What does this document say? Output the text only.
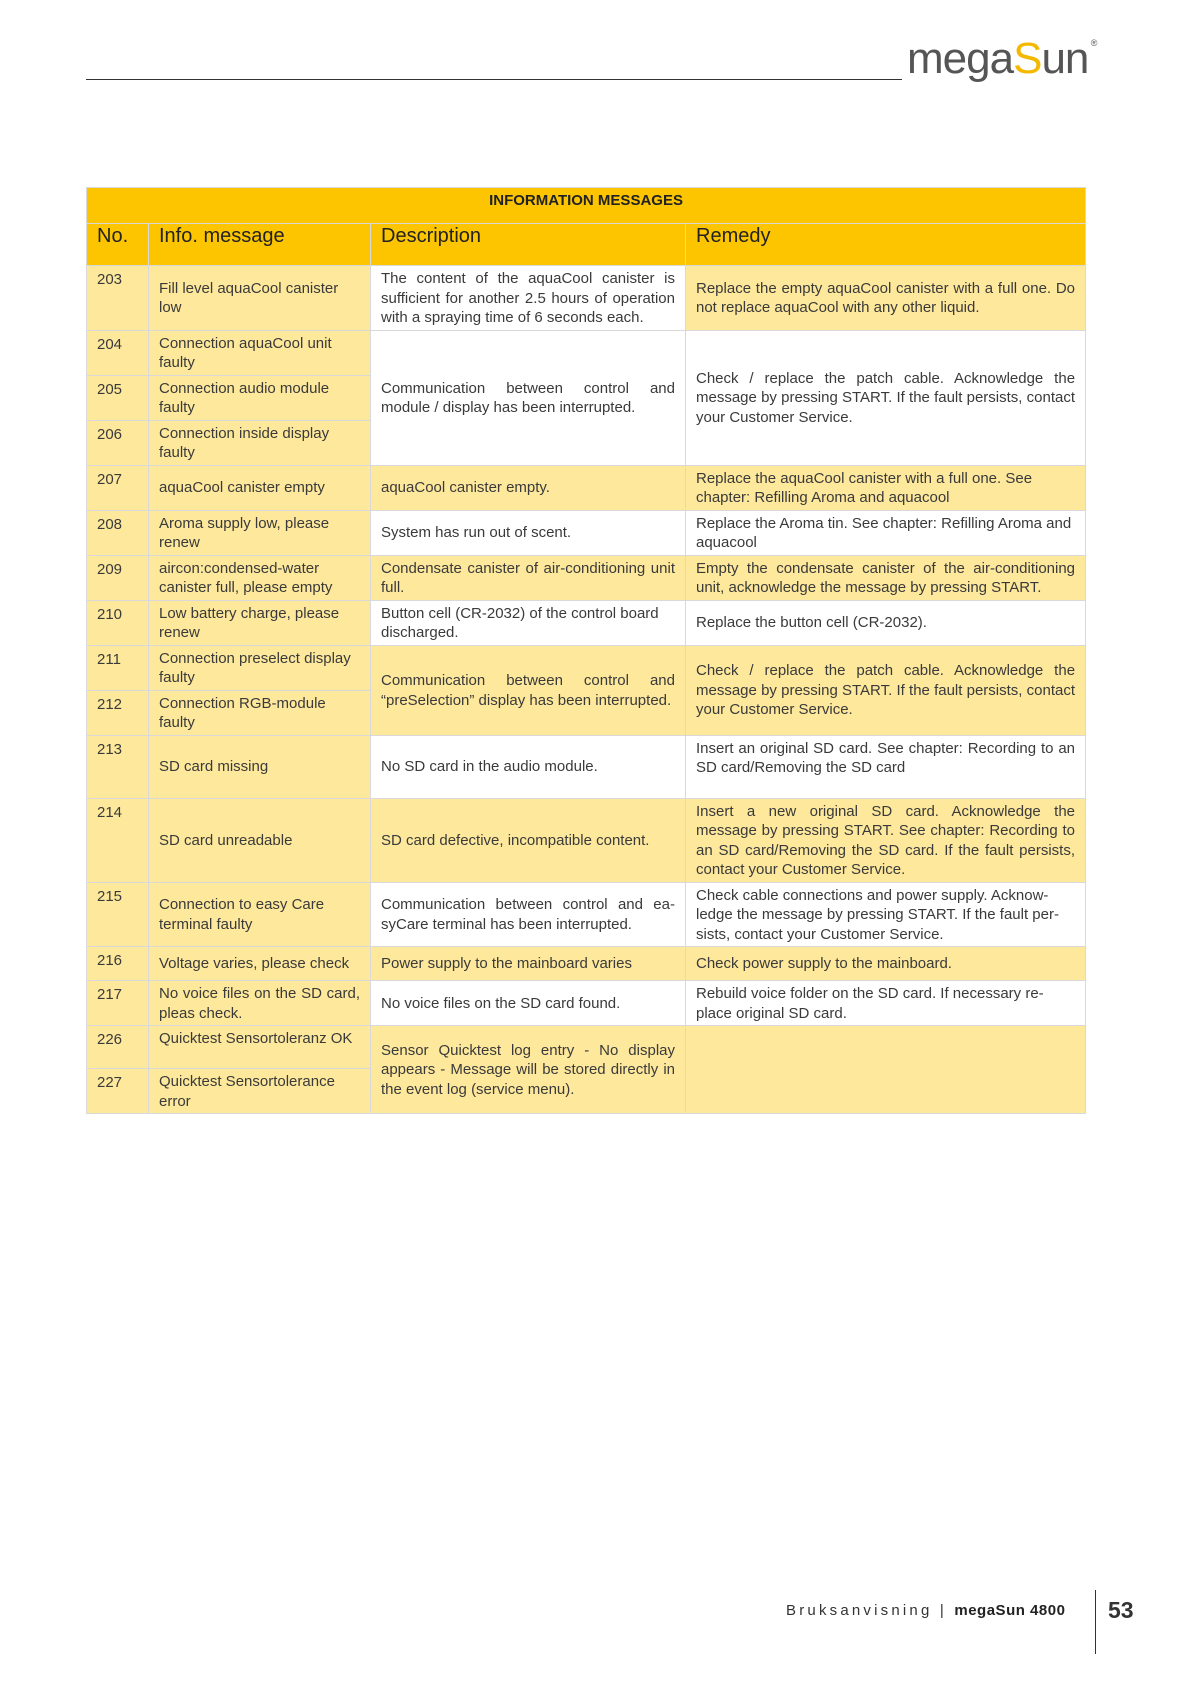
megaSun ®
INFORMATION MESSAGES			
No.	Info. message	Description	Remedy
203	Fill level aquaCool canister low	The content of the aquaCool canister is sufficient for another 2.5 hours of operation with a spraying time of 6 seconds each.	Replace the empty aquaCool canister with a full one. Do not replace aquaCool with any other liquid.
204	Connection aquaCool unit faulty	Communication between control and module / display has been interrupted.	Check / replace the patch cable. Acknowledge the message by pressing START. If the fault persists, contact your Customer Service.
205	Connection audio module faulty		
206	Connection inside display faulty		
207	aquaCool canister empty	aquaCool canister empty.	Replace the aquaCool canister with a full one. See chapter: Refilling Aroma and aquacool
208	Aroma supply low, please renew	System has run out of scent.	Replace the Aroma tin. See chapter: Refilling Aroma and aquacool
209	aircon:condensed-water canister full, please empty	Condensate canister of air-conditioning unit full.	Empty the condensate canister of the air-conditioning unit, acknowledge the message by pressing START.
210	Low battery charge, please renew	Button cell (CR-2032) of the control board discharged.	Replace the button cell (CR-2032).
211	Connection preselect display faulty	Communication between control and “preSelection” display has been interrupted.	Check / replace the patch cable. Acknowledge the message by pressing START. If the fault persists, contact your Customer Service.
212	Connection RGB-module faulty		
213	SD card missing	No SD card in the audio module.	Insert an original SD card. See chapter: Recording to an SD card/Removing the SD card
214	SD card unreadable	SD card defective, incompatible content.	Insert a new original SD card. Acknowledge the message by pressing START. See chapter: Recording to an SD card/Removing the SD card. If the fault persists, contact your Customer Service.
215	Connection to easy Care terminal faulty	Communication between control and ea-syCare terminal has been interrupted.	Check cable connections and power supply. Acknow-ledge the message by pressing START. If the fault per-sists, contact your Customer Service.
216	Voltage varies, please check	Power supply to the mainboard varies	Check power supply to the mainboard.
217	No voice files on the SD card, pleas check.	No voice files on the SD card found.	Rebuild voice folder on the SD card. If necessary re-place original SD card.
226	Quicktest Sensortoleranz OK	Sensor Quicktest log entry - No display appears - Message will be stored directly in the event log (service menu).	
227	Quicktest Sensortolerance error		
Bruksanvisning | megaSun 4800 53
